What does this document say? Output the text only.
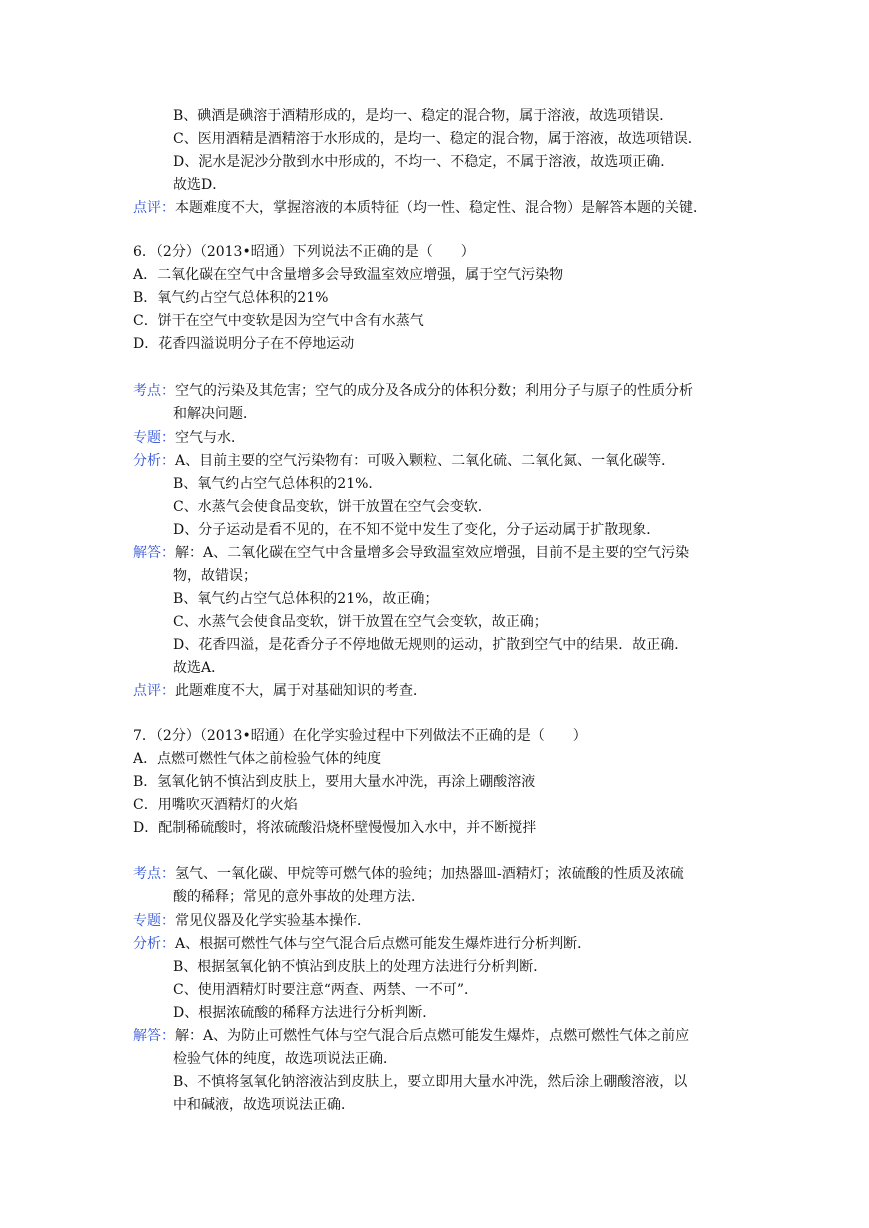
B、碘酒是碘溶于酒精形成的，是均一、稳定的混合物，属于溶液，故选项错误．
C、医用酒精是酒精溶于水形成的，是均一、稳定的混合物，属于溶液，故选项错误．
D、泥水是泥沙分散到水中形成的，不均一、不稳定，不属于溶液，故选项正确．
故选D．
点评：本题难度不大，掌握溶液的本质特征（均一性、稳定性、混合物）是解答本题的关键．
6．（2分）（2013•昭通）下列说法不正确的是（　　）
A．二氧化碳在空气中含量增多会导致温室效应增强，属于空气污染物
B．氧气约占空气总体积的21%
C．饼干在空气中变软是因为空气中含有水蒸气
D．花香四溢说明分子在不停地运动
考点：空气的污染及其危害；空气的成分及各成分的体积分数；利用分子与原子的性质分析
和解决问题．
专题：空气与水．
分析：A、目前主要的空气污染物有：可吸入颗粒、二氧化硫、二氧化氮、一氧化碳等．
B、氧气约占空气总体积的21%．
C、水蒸气会使食品变软，饼干放置在空气会变软．
D、分子运动是看不见的，在不知不觉中发生了变化，分子运动属于扩散现象．
解答：解：A、二氧化碳在空气中含量增多会导致温室效应增强，目前不是主要的空气污染
物，故错误；
B、氧气约占空气总体积的21%，故正确；
C、水蒸气会使食品变软，饼干放置在空气会变软，故正确；
D、花香四溢，是花香分子不停地做无规则的运动，扩散到空气中的结果．故正确．
故选A．
点评：此题难度不大，属于对基础知识的考查．
7．（2分）（2013•昭通）在化学实验过程中下列做法不正确的是（　　）
A．点燃可燃性气体之前检验气体的纯度
B．氢氧化钠不慎沾到皮肤上，要用大量水冲洗，再涂上硼酸溶液
C．用嘴吹灭酒精灯的火焰
D．配制稀硫酸时，将浓硫酸沿烧杯壁慢慢加入水中，并不断搅拌
考点：氢气、一氧化碳、甲烷等可燃气体的验纯；加热器皿-酒精灯；浓硫酸的性质及浓硫
酸的稀释；常见的意外事故的处理方法．
专题：常见仪器及化学实验基本操作．
分析：A、根据可燃性气体与空气混合后点燃可能发生爆炸进行分析判断．
B、根据氢氧化钠不慎沾到皮肤上的处理方法进行分析判断．
C、使用酒精灯时要注意“两查、两禁、一不可”．
D、根据浓硫酸的稀释方法进行分析判断．
解答：解：A、为防止可燃性气体与空气混合后点燃可能发生爆炸，点燃可燃性气体之前应
检验气体的纯度，故选项说法正确．
B、不慎将氢氧化钠溶液沾到皮肤上，要立即用大量水冲洗，然后涂上硼酸溶液，以
中和碱液，故选项说法正确．
